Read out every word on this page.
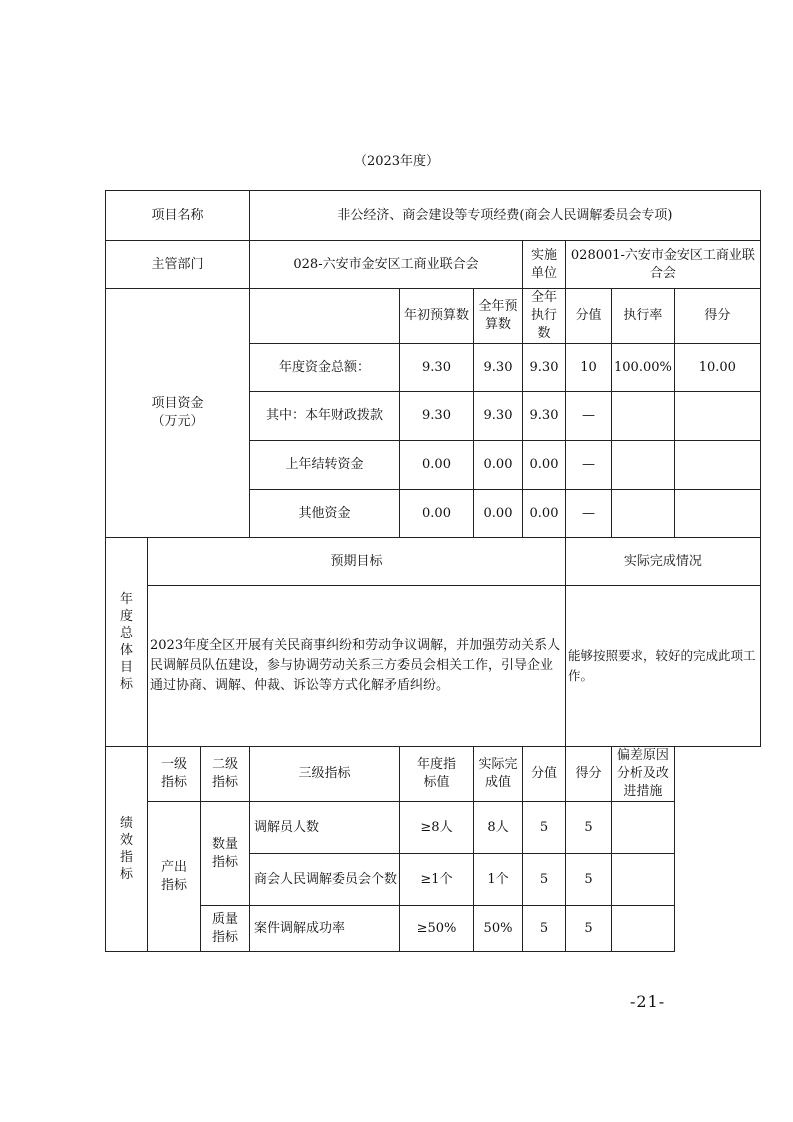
（2023年度）
项目名称			非公经济、商会建设等专项经费(商会人民调解委员会专项)						
主管部门			028-六安市金安区工商业联合会			实施单位	028001-六安市金安区工商业联合会		
项目资金
（万元）				年初预算数	全年预算数	全年执行数	分值	执行率	得分
			年度资金总额：	9.30	9.30	9.30	10	100.00%	10.00
			其中：本年财政拨款	9.30	9.30	9.30	—		
			上年结转资金	0.00	0.00	0.00	—		
			其他资金	0.00	0.00	0.00	—		

年度总体目标	预期目标						实际完成情况		
	2023年度全区开展有关民商事纠纷和劳动争议调解，并加强劳动关系人民调解员队伍建设，参与协调劳动关系三方委员会相关工作，引导企业通过协商、调解、仲裁、诉讼等方式化解矛盾纠纷。						能够按照要求，较好的完成此项工作。		

绩效指标	一级指标	二级指标	三级指标	年度指标值	实际完成值	分值	得分	偏差原因分析及改进措施	

	产出指标	数量指标	调解员人数	≥8人	8人	5	5		
			商会人民调解委员会个数	≥1个	1个	5	5		

		质量指标	案件调解成功率	≥50%	50%	5	5		
-21-
